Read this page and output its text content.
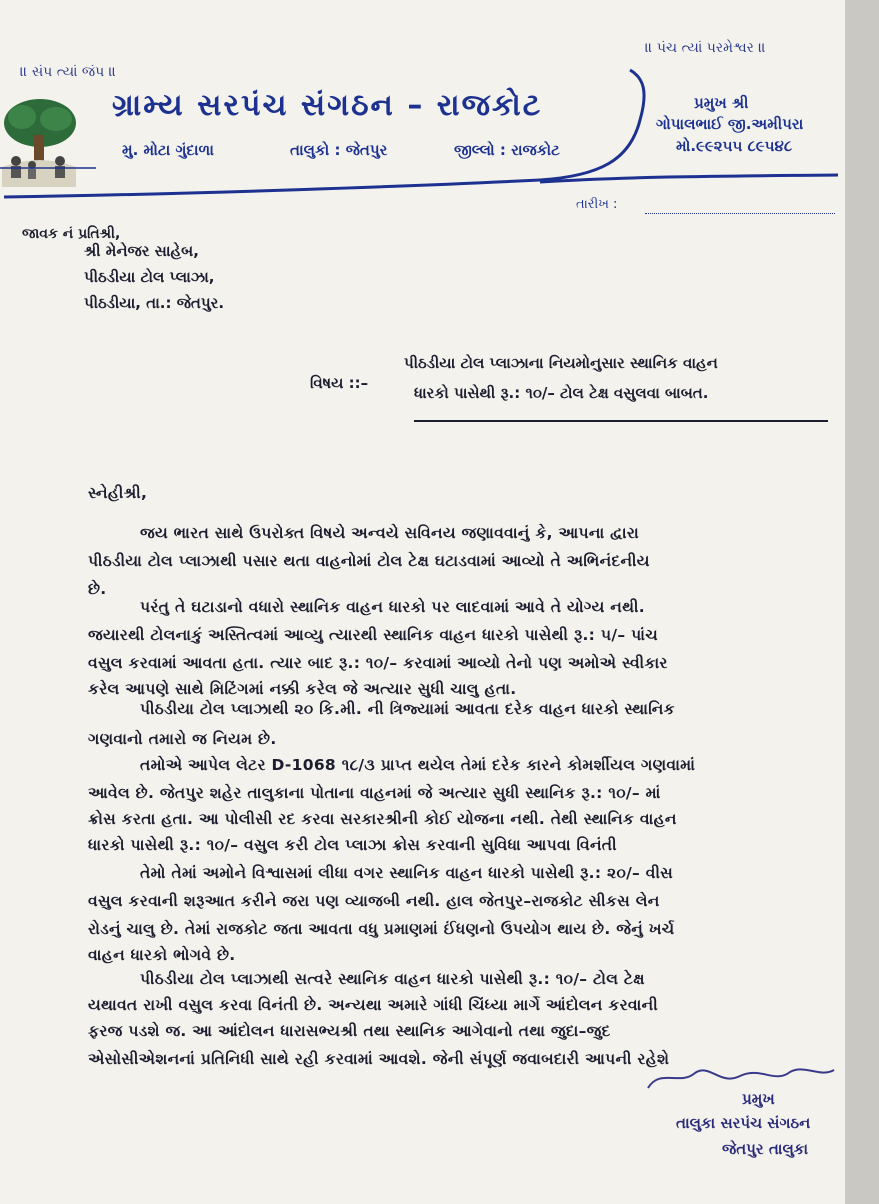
॥ સંપ ત્યાં જંપ ॥
॥ પંચ ત્યાં પરમેશ્વર ॥
ગ્રામ્ય સરપંચ સંગઠન – રાજકોટ
મુ. મોટા ગુંદાળા	તાલુકો : જેતપુર	જીલ્લો : રાજકોટ
પ્રમુખ શ્રી
ગોપાલભાઈ જી.અમીપરા
મો.૯૯૨૫૫ ૮૯૫૪૮
તારીખ :
જાવક નં પ્રતિશ્રી,
શ્રી મેનેજર સાહેબ,
પીઠડીયા ટોલ પ્લાઝા,
પીઠડીયા, તા.: જેતપુર.
વિષય ::–
પીઠડીયા ટોલ પ્લાઝાના નિયમોનુસાર સ્થાનિક વાહન
ધારકો પાસેથી રૂ.: ૧૦/– ટોલ ટેક્ષ વસુલવા બાબત.
સ્નેહીશ્રી,
જય ભારત સાથે ઉપરોક્ત વિષયે અન્વયે સવિનય જણાવવાનું કે, આપના દ્વારા
પીઠડીયા ટોલ પ્લાઝાથી પસાર થતા વાહનોમાં ટોલ ટેક્ષ ઘટાડવામાં આવ્યો તે અભિનંદનીય
છે.
પરંતુ તે ઘટાડાનો વધારો સ્થાનિક વાહન ધારકો પર લાદવામાં આવે તે યોગ્ય નથી.
જયારથી ટોલનાકું અસ્તિત્વમાં આવ્યુ ત્યારથી સ્થાનિક વાહન ધારકો પાસેથી રૂ.: ૫/– પાંચ
વસુલ કરવામાં આવતા હતા. ત્યાર બાદ રૂ.: ૧૦/– કરવામાં આવ્યો તેનો પણ અમોએ સ્વીકાર
કરેલ આપણે સાથે મિટિંગમાં નક્કી કરેલ જે અત્યાર સુધી ચાલુ હતા.
પીઠડીયા ટોલ પ્લાઝાથી ૨૦ કિ.મી. ની ત્રિજ્યામાં આવતા દરેક વાહન ધારકો સ્થાનિક
ગણવાનો તમારો જ નિયમ છે.
તમોએ આપેલ લેટર D-1068 ૧૮/૩ પ્રાપ્ત થયેલ તેમાં દરેક કારને કોમર્શીયલ ગણવામાં
આવેલ છે. જેતપુર શહેર તાલુકાના પોતાના વાહનમાં જે અત્યાર સુધી સ્થાનિક રૂ.: ૧૦/– માં
ક્રોસ કરતા હતા. આ પોલીસી રદ કરવા સરકારશ્રીની કોઈ યોજના નથી. તેથી સ્થાનિક વાહન
ધારકો પાસેથી રૂ.: ૧૦/– વસુલ કરી ટોલ પ્લાઝા ક્રોસ કરવાની સુવિધા આપવા વિનંતી
તેમો તેમાં અમોને વિશ્વાસમાં લીધા વગર સ્થાનિક વાહન ધારકો પાસેથી રૂ.: ૨૦/– વીસ
વસુલ કરવાની શરૂઆત કરીને જરા પણ વ્યાજબી નથી. હાલ જેતપુર–રાજકોટ સીકસ લેન
રોડનું ચાલુ છે. તેમાં રાજકોટ જતા આવતા વધુ પ્રમાણમાં ઈંધણનો ઉપયોગ થાય છે. જેનું ખર્ચ
વાહન ધારકો ભોગવે છે.
પીઠડીયા ટોલ પ્લાઝાથી સત્વરે સ્થાનિક વાહન ધારકો પાસેથી રૂ.: ૧૦/– ટોલ ટેક્ષ
યથાવત રાખી વસુલ કરવા વિનંતી છે. અન્યથા અમારે ગાંધી ચિંધ્યા માર્ગે આંદોલન કરવાની
ફરજ પડશે જ. આ આંદોલન ધારાસભ્યશ્રી તથા સ્થાનિક આગેવાનો તથા જુદા–જુદ
એસોસીએશનનાં પ્રતિનિધી સાથે રહી કરવામાં આવશે. જેની સંપૂર્ણ જવાબદારી આપની રહેશે
પ્રમુખ
તાલુકા સરપંચ સંગઠન
જેતપુર તાલુકા
